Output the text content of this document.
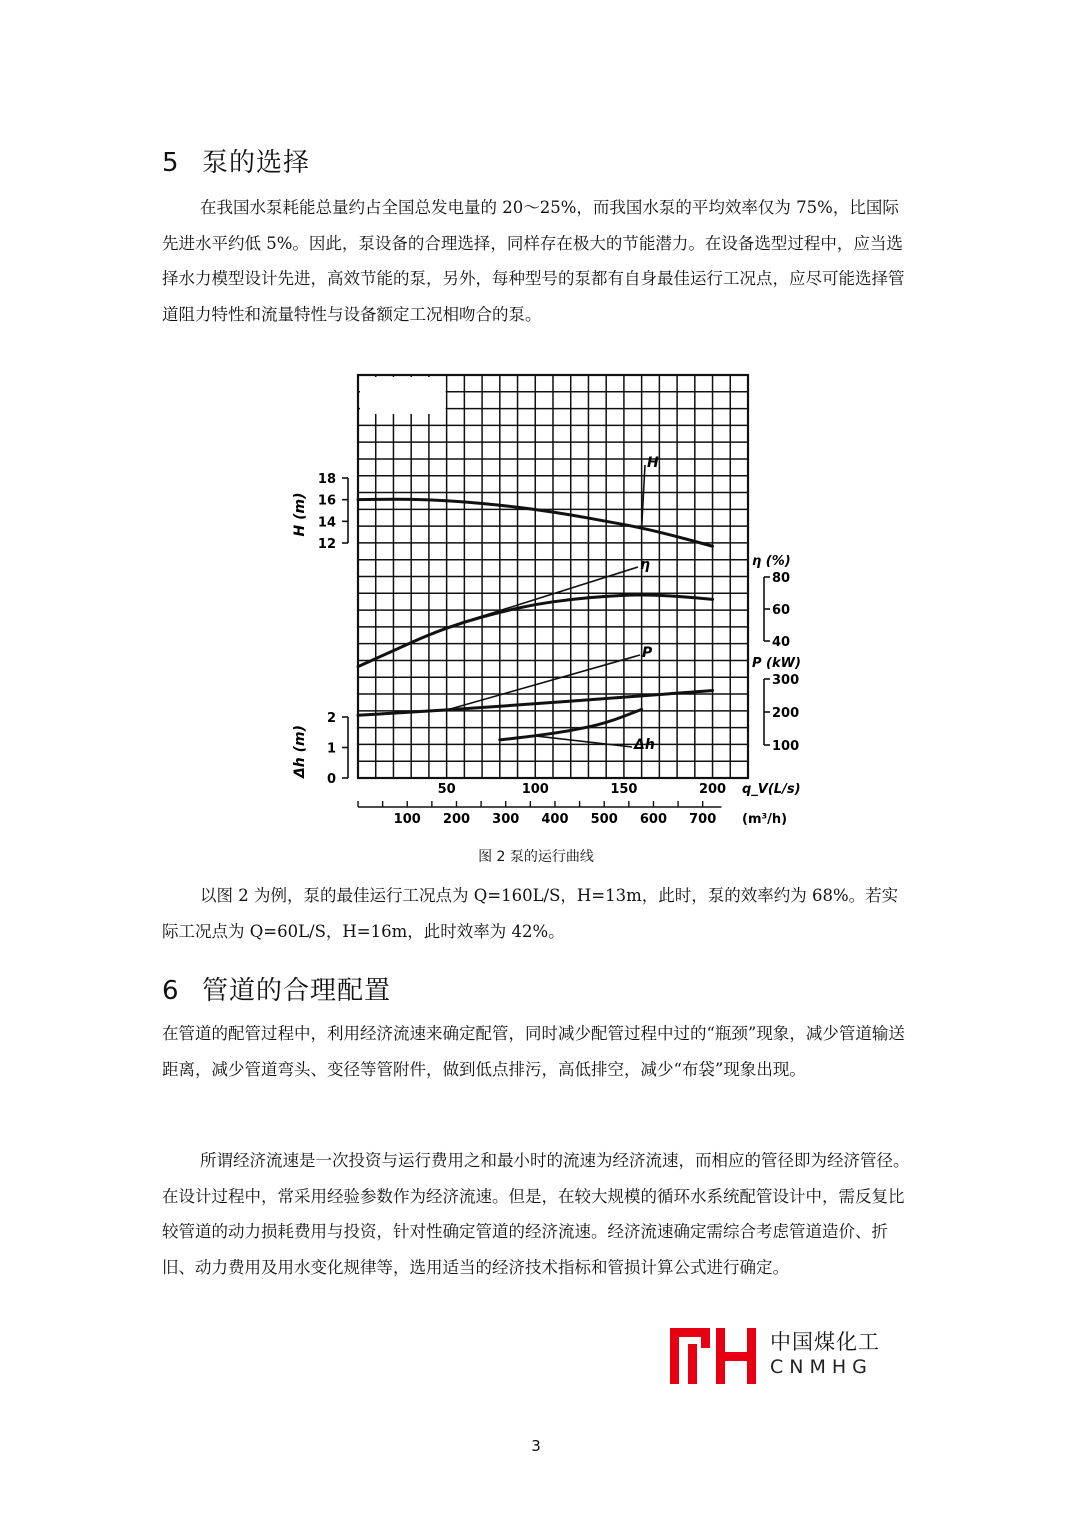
5 泵的选择
在我国水泵耗能总量约占全国总发电量的 20～25%，而我国水泵的平均效率仅为 75%，比国际先进水平约低 5%。因此，泵设备的合理选择，同样存在极大的节能潜力。在设备选型过程中，应当选择水力模型设计先进，高效节能的泵，另外，每种型号的泵都有自身最佳运行工况点，应尽可能选择管道阻力特性和流量特性与设备额定工况相吻合的泵。
18
16
14
12
H (m)
80
60
40
η (%)
300
200
100
P (kW)
2
1
0
Δh (m)
50	100	150	200 q_V(L/s)
100 200 300 400 500 600 700 (m³/h)
H
η
P
Δh
图 2 泵的运行曲线
以图 2 为例，泵的最佳运行工况点为 Q=160L/S，H=13m，此时，泵的效率约为 68%。若实际工况点为 Q=60L/S，H=16m，此时效率为 42%。
6 管道的合理配置
在管道的配管过程中，利用经济流速来确定配管，同时减少配管过程中过的“瓶颈”现象，减少管道输送距离，减少管道弯头、变径等管附件，做到低点排污，高低排空，减少“布袋”现象出现。
所谓经济流速是一次投资与运行费用之和最小时的流速为经济流速，而相应的管径即为经济管径。在设计过程中，常采用经验参数作为经济流速。但是，在较大规模的循环水系统配管设计中，需反复比较管道的动力损耗费用与投资，针对性确定管道的经济流速。经济流速确定需综合考虑管道造价、折旧、动力费用及用水变化规律等，选用适当的经济技术指标和管损计算公式进行确定。
中国煤化工
CNMHG
3
